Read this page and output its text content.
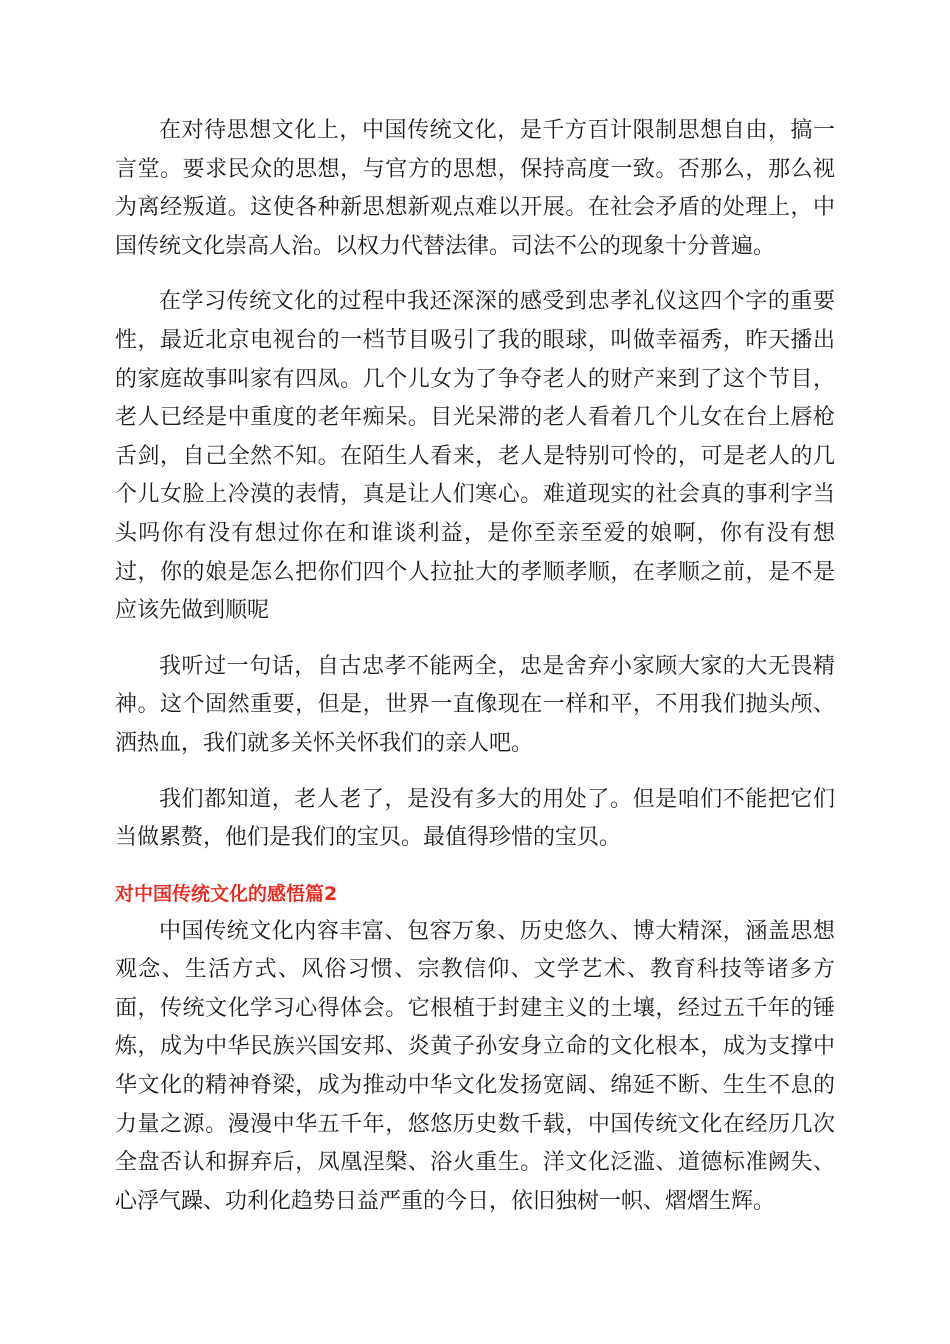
在对待思想文化上，中国传统文化，是千方百计限制思想自由，搞一言堂。要求民众的思想，与官方的思想，保持高度一致。否那么，那么视为离经叛道。这使各种新思想新观点难以开展。在社会矛盾的处理上，中国传统文化崇高人治。以权力代替法律。司法不公的现象十分普遍。

在学习传统文化的过程中我还深深的感受到忠孝礼仪这四个字的重要性，最近北京电视台的一档节目吸引了我的眼球，叫做幸福秀，昨天播出的家庭故事叫家有四凤。几个儿女为了争夺老人的财产来到了这个节目，老人已经是中重度的老年痴呆。目光呆滞的老人看着几个儿女在台上唇枪舌剑，自己全然不知。在陌生人看来，老人是特别可怜的，可是老人的几个儿女脸上冷漠的表情，真是让人们寒心。难道现实的社会真的事利字当头吗你有没有想过你在和谁谈利益，是你至亲至爱的娘啊，你有没有想过，你的娘是怎么把你们四个人拉扯大的孝顺孝顺，在孝顺之前，是不是应该先做到顺呢

我听过一句话，自古忠孝不能两全，忠是舍弃小家顾大家的大无畏精神。这个固然重要，但是，世界一直像现在一样和平，不用我们抛头颅、洒热血，我们就多关怀关怀我们的亲人吧。

我们都知道，老人老了，是没有多大的用处了。但是咱们不能把它们当做累赘，他们是我们的宝贝。最值得珍惜的宝贝。

对中国传统文化的感悟篇2

中国传统文化内容丰富、包容万象、历史悠久、博大精深，涵盖思想观念、生活方式、风俗习惯、宗教信仰、文学艺术、教育科技等诸多方面，传统文化学习心得体会。它根植于封建主义的土壤，经过五千年的锤炼，成为中华民族兴国安邦、炎黄子孙安身立命的文化根本，成为支撑中华文化的精神脊梁，成为推动中华文化发扬宽阔、绵延不断、生生不息的力量之源。漫漫中华五千年，悠悠历史数千载，中国传统文化在经历几次全盘否认和摒弃后，凤凰涅槃、浴火重生。洋文化泛滥、道德标准阙失、心浮气躁、功利化趋势日益严重的今日，依旧独树一帜、熠熠生辉。
